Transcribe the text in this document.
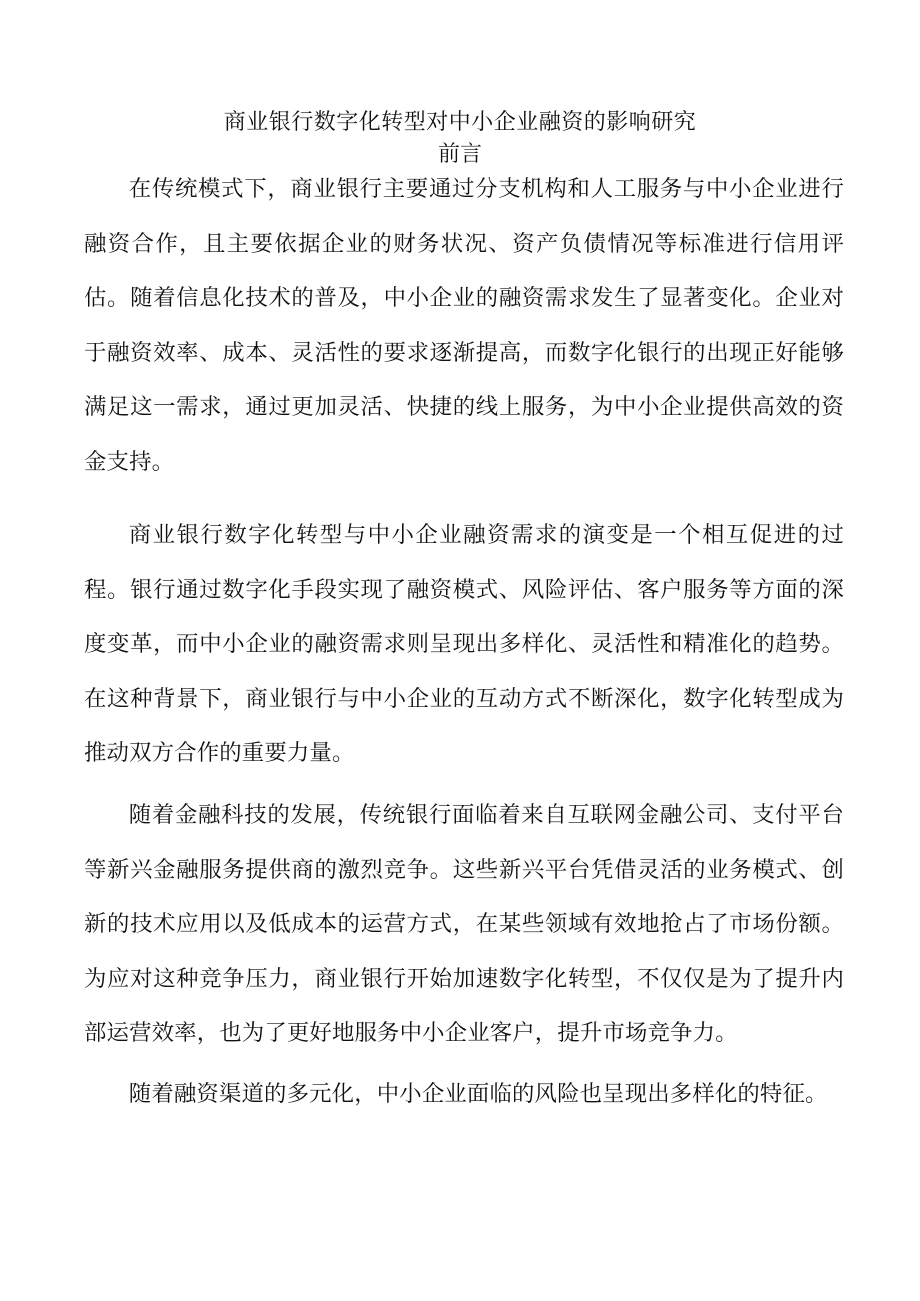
商业银行数字化转型对中小企业融资的影响研究
前言

在传统模式下，商业银行主要通过分支机构和人工服务与中小企业进行融资合作，且主要依据企业的财务状况、资产负债情况等标准进行信用评估。随着信息化技术的普及，中小企业的融资需求发生了显著变化。企业对于融资效率、成本、灵活性的要求逐渐提高，而数字化银行的出现正好能够满足这一需求，通过更加灵活、快捷的线上服务，为中小企业提供高效的资金支持。

商业银行数字化转型与中小企业融资需求的演变是一个相互促进的过程。银行通过数字化手段实现了融资模式、风险评估、客户服务等方面的深度变革，而中小企业的融资需求则呈现出多样化、灵活性和精准化的趋势。在这种背景下，商业银行与中小企业的互动方式不断深化，数字化转型成为推动双方合作的重要力量。

随着金融科技的发展，传统银行面临着来自互联网金融公司、支付平台等新兴金融服务提供商的激烈竞争。这些新兴平台凭借灵活的业务模式、创新的技术应用以及低成本的运营方式，在某些领域有效地抢占了市场份额。为应对这种竞争压力，商业银行开始加速数字化转型，不仅仅是为了提升内部运营效率，也为了更好地服务中小企业客户，提升市场竞争力。

随着融资渠道的多元化，中小企业面临的风险也呈现出多样化的特征。
